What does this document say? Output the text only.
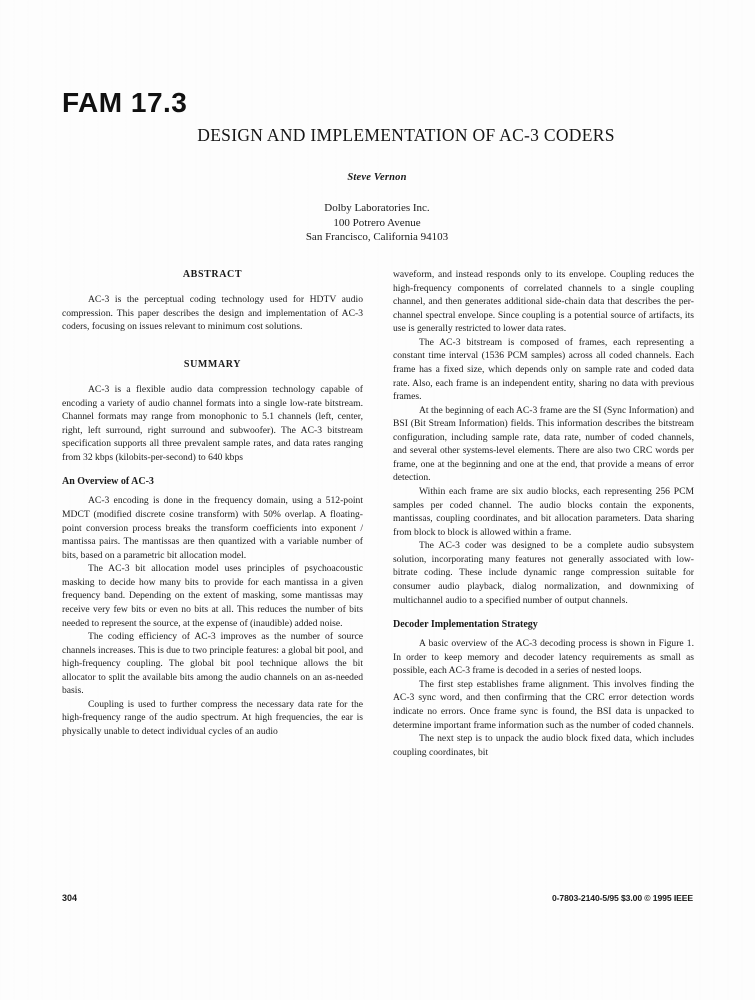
FAM 17.3
DESIGN AND IMPLEMENTATION OF AC-3 CODERS
Steve Vernon
Dolby Laboratories Inc.
100 Potrero Avenue
San Francisco, California 94103
ABSTRACT

AC-3 is the perceptual coding technology used for HDTV audio compression. This paper describes the design and implementation of AC-3 coders, focusing on issues relevant to minimum cost solutions.

SUMMARY

AC-3 is a flexible audio data compression technology capable of encoding a variety of audio channel formats into a single low-rate bitstream. Channel formats may range from monophonic to 5.1 channels (left, center, right, left surround, right surround and subwoofer). The AC-3 bitstream specification supports all three prevalent sample rates, and data rates ranging from 32 kbps (kilobits-per-second) to 640 kbps

An Overview of AC-3

AC-3 encoding is done in the frequency domain, using a 512-point MDCT (modified discrete cosine transform) with 50% overlap. A floating-point conversion process breaks the transform coefficients into exponent / mantissa pairs. The mantissas are then quantized with a variable number of bits, based on a parametric bit allocation model.

The AC-3 bit allocation model uses principles of psychoacoustic masking to decide how many bits to provide for each mantissa in a given frequency band. Depending on the extent of masking, some mantissas may receive very few bits or even no bits at all. This reduces the number of bits needed to represent the source, at the expense of (inaudible) added noise.

The coding efficiency of AC-3 improves as the number of source channels increases. This is due to two principle features: a global bit pool, and high-frequency coupling. The global bit pool technique allows the bit allocator to split the available bits among the audio channels on an as-needed basis.

Coupling is used to further compress the necessary data rate for the high-frequency range of the audio spectrum. At high frequencies, the ear is physically unable to detect individual cycles of an audio

waveform, and instead responds only to its envelope. Coupling reduces the high-frequency components of correlated channels to a single coupling channel, and then generates additional side-chain data that describes the per-channel spectral envelope. Since coupling is a potential source of artifacts, its use is generally restricted to lower data rates.

The AC-3 bitstream is composed of frames, each representing a constant time interval (1536 PCM samples) across all coded channels. Each frame has a fixed size, which depends only on sample rate and coded data rate. Also, each frame is an independent entity, sharing no data with previous frames.

At the beginning of each AC-3 frame are the SI (Sync Information) and BSI (Bit Stream Information) fields. This information describes the bitstream configuration, including sample rate, data rate, number of coded channels, and several other systems-level elements. There are also two CRC words per frame, one at the beginning and one at the end, that provide a means of error detection.

Within each frame are six audio blocks, each representing 256 PCM samples per coded channel. The audio blocks contain the exponents, mantissas, coupling coordinates, and bit allocation parameters. Data sharing from block to block is allowed within a frame.

The AC-3 coder was designed to be a complete audio subsystem solution, incorporating many features not generally associated with low-bitrate coding. These include dynamic range compression suitable for consumer audio playback, dialog normalization, and downmixing of multichannel audio to a specified number of output channels.

Decoder Implementation Strategy

A basic overview of the AC-3 decoding process is shown in Figure 1. In order to keep memory and decoder latency requirements as small as possible, each AC-3 frame is decoded in a series of nested loops.

The first step establishes frame alignment. This involves finding the AC-3 sync word, and then confirming that the CRC error detection words indicate no errors. Once frame sync is found, the BSI data is unpacked to determine important frame information such as the number of coded channels.

The next step is to unpack the audio block fixed data, which includes coupling coordinates, bit

304	0-7803-2140-5/95 $3.00 © 1995 IEEE
